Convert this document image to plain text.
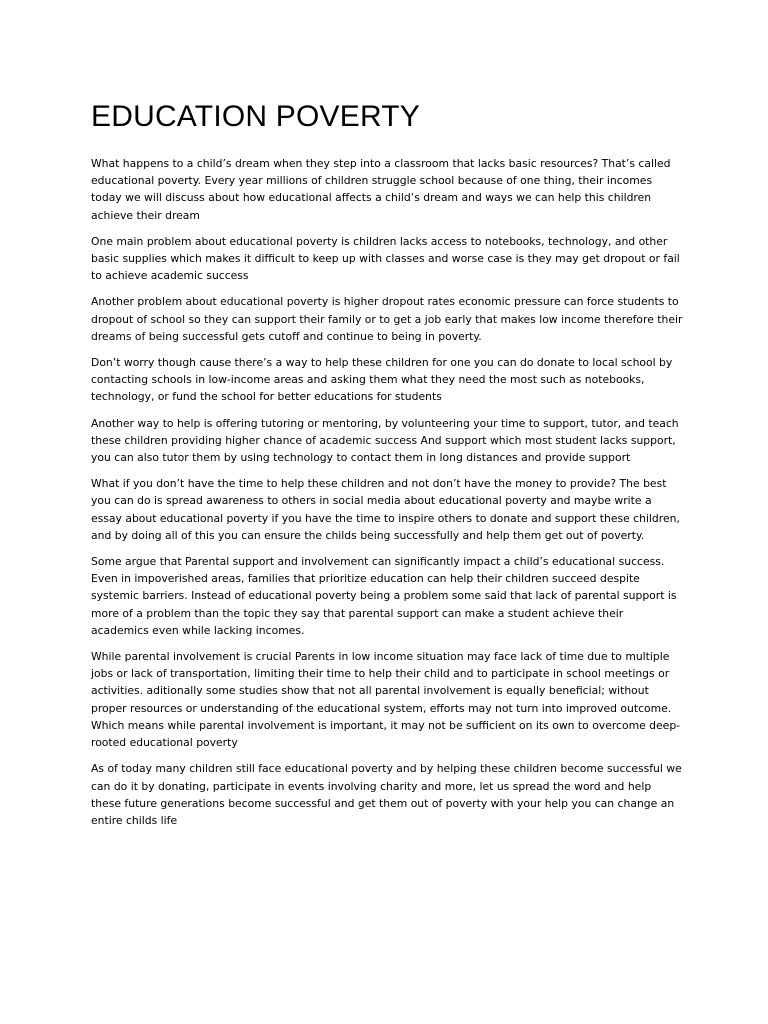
EDUCATION POVERTY

What happens to a child’s dream when they step into a classroom that lacks basic resources? That’s called educational poverty. Every year millions of children struggle school because of one thing, their incomes today we will discuss about how educational affects a child’s dream and ways we can help this children achieve their dream

One main problem about educational poverty is children lacks access to notebooks, technology, and other basic supplies which makes it difficult to keep up with classes and worse case is they may get dropout or fail to achieve academic success

Another problem about educational poverty is higher dropout rates economic pressure can force students to dropout of school so they can support their family or to get a job early that makes low income therefore their dreams of being successful gets cutoff and continue to being in poverty.

Don’t worry though cause there’s a way to help these children for one you can do donate to local school by contacting schools in low-income areas and asking them what they need the most such as notebooks, technology, or fund the school for better educations for students

Another way to help is offering tutoring or mentoring, by volunteering your time to support, tutor, and teach these children providing higher chance of academic success And support which most student lacks support, you can also tutor them by using technology to contact them in long distances and provide support

What if you don’t have the time to help these children and not don’t have the money to provide? The best you can do is spread awareness to others in social media about educational poverty and maybe write a essay about educational poverty if you have the time to inspire others to donate and support these children, and by doing all of this you can ensure the childs being successfully and help them get out of poverty.

Some argue that Parental support and involvement can significantly impact a child’s educational success. Even in impoverished areas, families that prioritize education can help their children succeed despite systemic barriers. Instead of educational poverty being a problem some said that lack of parental support is more of a problem than the topic they say that parental support can make a student achieve their academics even while lacking incomes.

While parental involvement is crucial Parents in low income situation may face lack of time due to multiple jobs or lack of transportation, limiting their time to help their child and to participate in school meetings or activities. aditionally some studies show that not all parental involvement is equally beneficial; without proper resources or understanding of the educational system, efforts may not turn into improved outcome. Which means while parental involvement is important, it may not be sufficient on its own to overcome deep-rooted educational poverty

As of today many children still face educational poverty and by helping these children become successful we can do it by donating, participate in events involving charity and more, let us spread the word and help these future generations become successful and get them out of poverty with your help you can change an entire childs life
